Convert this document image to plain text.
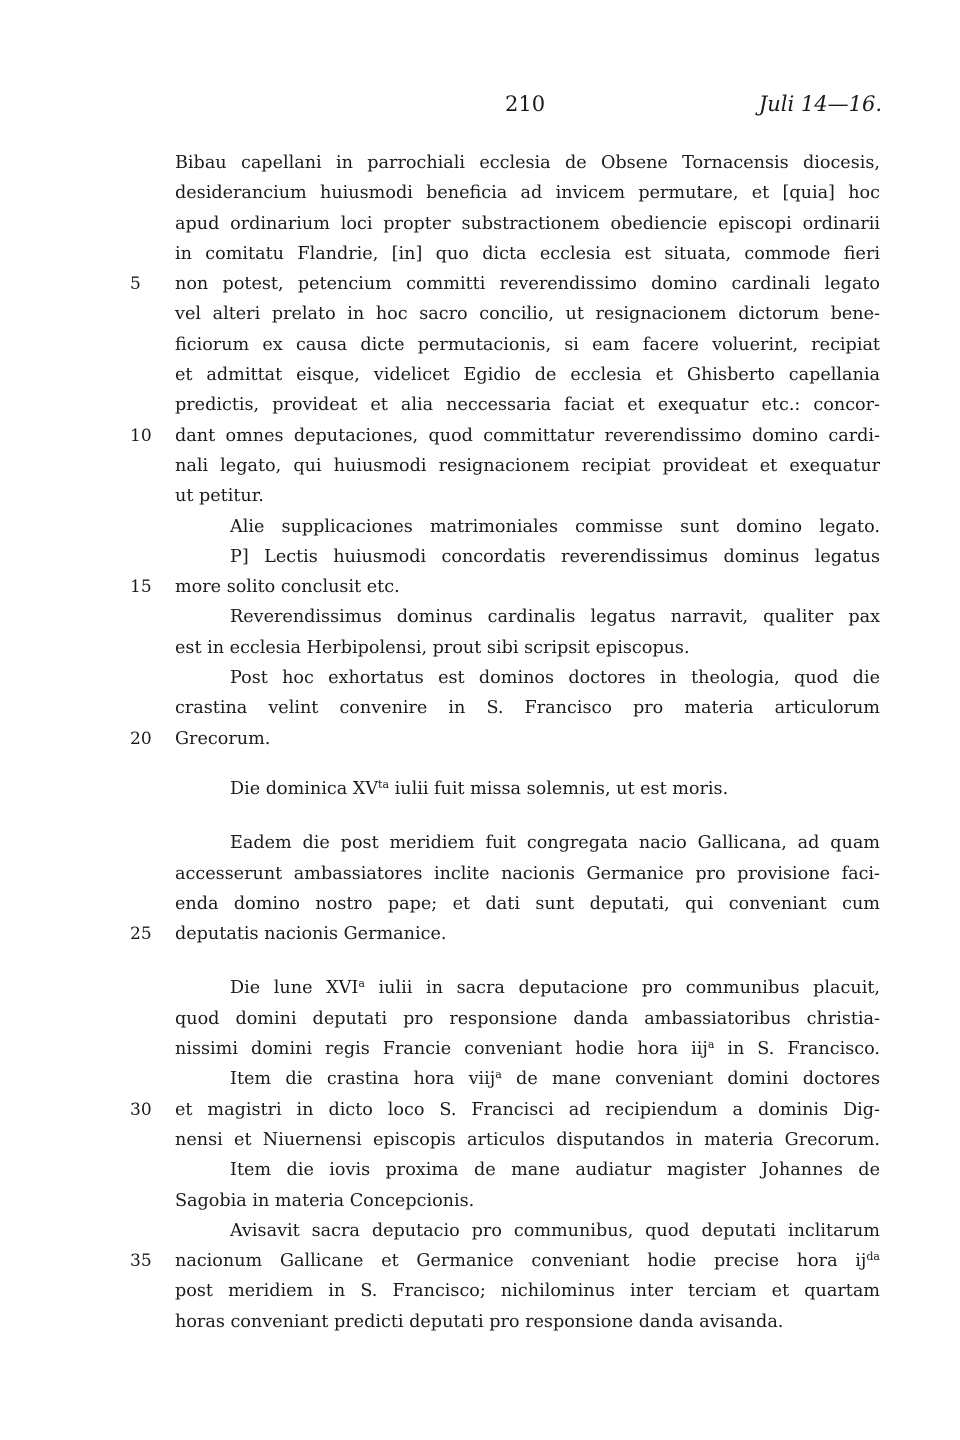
210	Juli 14—16.
Bibau capellani in parrochiali ecclesia de Obsene Tornacensis diocesis,
desiderancium huiusmodi beneficia ad invicem permutare, et [quia] hoc
apud ordinarium loci propter substractionem obediencie episcopi ordinarii
in comitatu Flandrie, [in] quo dicta ecclesia est situata, commode fieri
5	non potest, petencium committi reverendissimo domino cardinali legato
vel alteri prelato in hoc sacro concilio, ut resignacionem dictorum bene-
ficiorum ex causa dicte permutacionis, si eam facere voluerint, recipiat
et admittat eisque, videlicet Egidio de ecclesia et Ghisberto capellania
predictis, provideat et alia neccessaria faciat et exequatur etc.: concor-
10	dant omnes deputaciones, quod committatur reverendissimo domino cardi-
nali legato, qui huiusmodi resignacionem recipiat provideat et exequatur
ut petitur.
Alie supplicaciones matrimoniales commisse sunt domino legato.
P] Lectis huiusmodi concordatis reverendissimus dominus legatus
15	more solito conclusit etc.
Reverendissimus dominus cardinalis legatus narravit, qualiter pax
est in ecclesia Herbipolensi, prout sibi scripsit episcopus.
Post hoc exhortatus est dominos doctores in theologia, quod die
crastina velint convenire in S. Francisco pro materia articulorum
20	Grecorum.
Die dominica $XV^{ta}$ iulii fuit missa solemnis, ut est moris.
Eadem die post meridiem fuit congregata nacio Gallicana, ad quam
accesserunt ambassiatores inclite nacionis Germanice pro provisione faci-
enda domino nostro pape; et dati sunt deputati, qui conveniant cum
25	deputatis nacionis Germanice.
Die lune XVI$^a$ iulii in sacra deputacione pro communibus placuit,
quod domini deputati pro responsione danda ambassiatoribus christia-
nissimi domini regis Francie conveniant hodie hora iij$^a$ in S. Francisco.
Item die crastina hora viij$^a$ de mane conveniant domini doctores
30	et magistri in dicto loco S. Francisci ad recipiendum a dominis Dig-
nensi et Niuernensi episcopis articulos disputandos in materia Grecorum.
Item die iovis proxima de mane audiatur magister Johannes de
Sagobia in materia Concepcionis.
Avisavit sacra deputacio pro communibus, quod deputati inclitarum
35	nacionum Gallicane et Germanice conveniant hodie precise hora $ij^{da}$
post meridiem in S. Francisco; nichilominus inter terciam et quartam
horas conveniant predicti deputati pro responsione danda avisanda.
